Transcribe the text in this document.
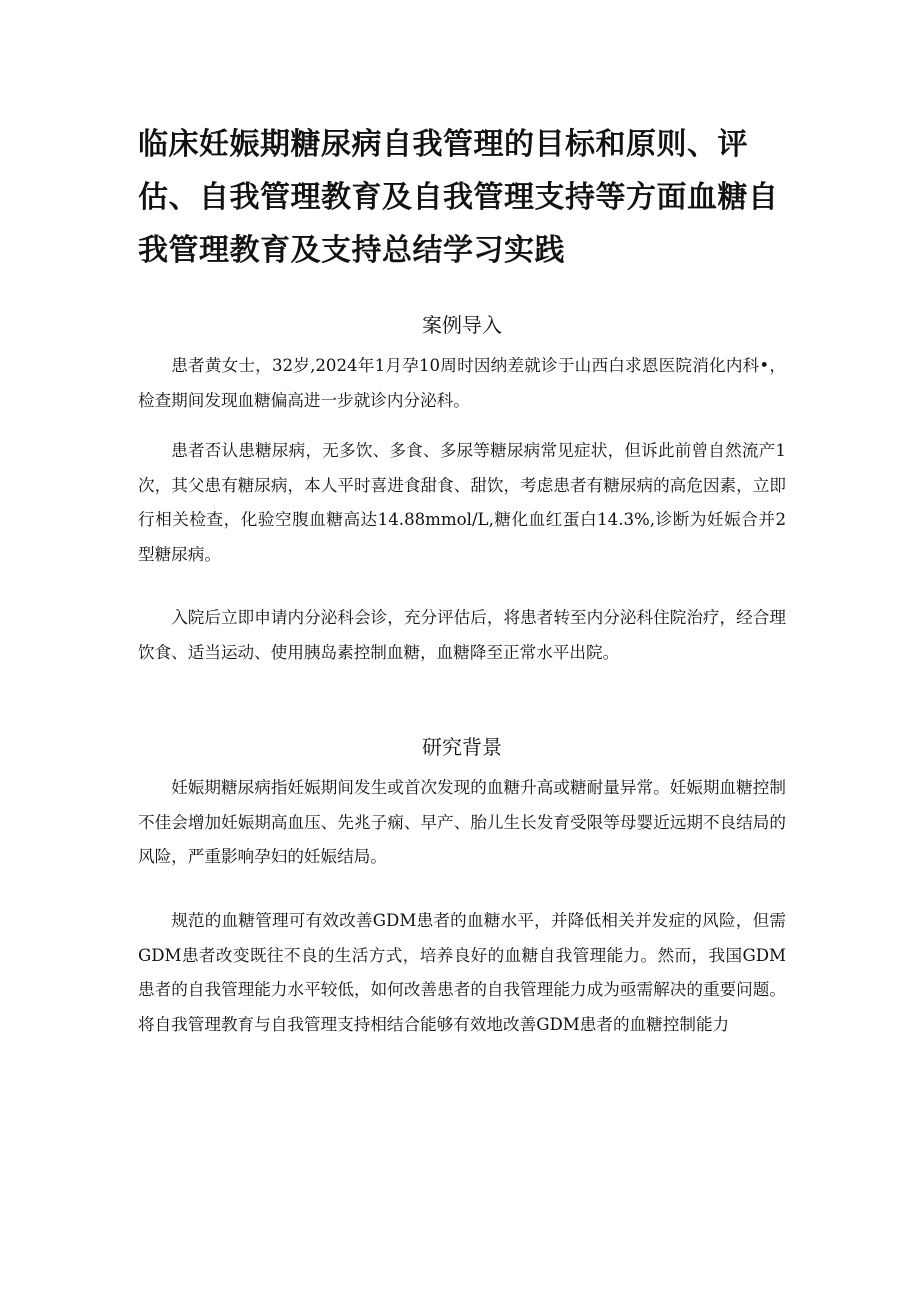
临床妊娠期糖尿病自我管理的目标和原则、评估、自我管理教育及自我管理支持等方面血糖自我管理教育及支持总结学习实践
案例导入

患者黄女士，32岁,2024年1月孕10周时因纳差就诊于山西白求恩医院消化内科•，检查期间发现血糖偏高进一步就诊内分泌科。

患者否认患糖尿病，无多饮、多食、多尿等糖尿病常见症状，但诉此前曾自然流产1次，其父患有糖尿病，本人平时喜进食甜食、甜饮，考虑患者有糖尿病的高危因素，立即行相关检查，化验空腹血糖高达14.88mmol/L,糖化血红蛋白14.3%,诊断为妊娠合并2型糖尿病。

入院后立即申请内分泌科会诊，充分评估后，将患者转至内分泌科住院治疗，经合理饮食、适当运动、使用胰岛素控制血糖，血糖降至正常水平出院。

研究背景

妊娠期糖尿病指妊娠期间发生或首次发现的血糖升高或糖耐量异常。妊娠期血糖控制不佳会增加妊娠期高血压、先兆子痫、早产、胎儿生长发育受限等母婴近远期不良结局的风险，严重影响孕妇的妊娠结局。

规范的血糖管理可有效改善GDM患者的血糖水平，并降低相关并发症的风险，但需GDM患者改变既往不良的生活方式，培养良好的血糖自我管理能力。然而，我国GDM患者的自我管理能力水平较低，如何改善患者的自我管理能力成为亟需解决的重要问题。将自我管理教育与自我管理支持相结合能够有效地改善GDM患者的血糖控制能力
